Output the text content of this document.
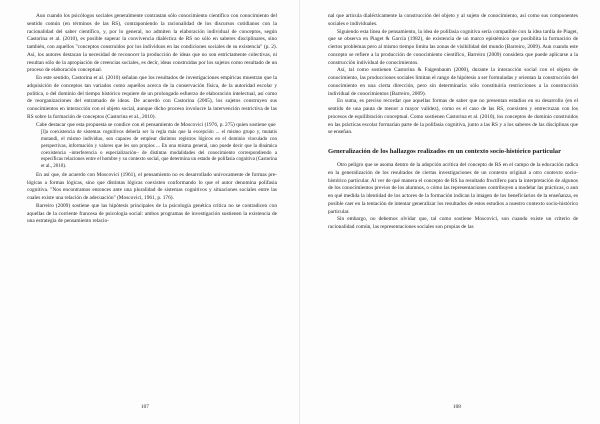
Aun cuando los psicólogos sociales generalmente contrastan sólo conocimiento científico con conocimiento del sentido común (en términos de las RS), contraponiendo la racionalidad de los discursos cotidianos con la racionalidad del saber científico, y, por lo general, no admiten la elaboración individual de conceptos, según Castorina et al. (2010), es posible superar la convivencia dialéctica de RS no sólo en saberes disciplinares, sino también, con aquellos "conceptos construidos por los individuos en las condiciones sociales de su existencia" (p. 2). Así, los autores destacan la necesidad de reconocer la producción de ideas que no son estrictamente colectivas, ni resultan sólo de la apropiación de creencias sociales, es decir, ideas construidas por los sujetos como resultado de un proceso de elaboración conceptual.

En este sentido, Castorina et al. (2010) señalan que los resultados de investigaciones empíricas muestran que la adquisición de conceptos tan variados como aquellos acerca de la conservación física, de la autoridad escolar y política, o del dominio del tiempo histórico requiere de un prolongado esfuerzo de elaboración intelectual, así como de reorganizaciones del entramado de ideas. De acuerdo con Castorina (2005), los sujetos construyen sus conocimientos en interacción con el objeto social, aunque dicho proceso involucre la intervención restrictiva de las RS sobre la formación de conceptos (Castorina et al., 2010).

Cabe destacar que esta propuesta se condice con el pensamiento de Moscovici (1976, p. 275) quien sostiene que

[l]a coexistencia de sistemas cognitivos debería ser la regla más que la excepción ... el mismo grupo y, mutatis mutandi, el mismo individuo, son capaces de emplear distintos registros lógicos en el dominio vinculado con perspectivas, información y valores que les son propios ... En una misma general, uno puede decir que la dinámica coexistencia –interferencia o especialización– de distintas modalidades del conocimiento correspondiendo a específicas relaciones entre el hombre y su contexto social, que determina un estado de polifasia cognitiva (Castorina et al., 2010).

En así que, de acuerdo con Moscovici (1961), el pensamiento no es desarrollado unívocamente de formas pre-lógicas a formas lógicas, sino que distintas lógicas coexisten conformando lo que el autor denomina polifasia cognitiva. "Nos encontramos entonces ante una pluralidad de sistemas cognitivos y situaciones sociales entre las cuales existe una relación de adecuación" (Moscovici, 1961, p. 176).

Barreiro (2009) sostiene que las hipótesis principales de la psicología genética crítica no se contradicen con aquellas de la corriente francesa de psicología social: ambos programas de investigación sostienen la existencia de una estrategia de pensamiento relacio-

107

nal que articula dialécticamente la construcción del objeto y al sujeto de conocimiento, así como sus componentes sociales e individuales.

Siguiendo esta línea de pensamiento, la idea de polifasia cognitiva sería compatible con la idea tardía de Piaget, que se observa en Piaget & García (1982), de existencia de un marco epistémico que posibilita la formación de ciertos problemas pero al mismo tiempo limita las zonas de visibilidad del mundo (Barreiro, 2009). Aun cuando este concepto se refiere a la producción de conocimiento científico, Barreiro (2009) considera que puede aplicarse a la construcción individual de conocimientos.

Así, tal como sostienen Castorina & Faigenbaum (2000), durante la interacción social con el objeto de conocimiento, las producciones sociales limitan el rango de hipótesis a ser formuladas y orientan la construcción del conocimiento en una cierta dirección, pero sin determinarla: sólo constituiría restricciones a la construcción individual de conocimientos (Barreiro, 2009).

En suma, es preciso recordar que aquellas formas de saber que no presentan estadios en su desarrollo (en el sentido de una pauta de menor a mayor validez), como es el caso de las RS, coexisten y entrecruzan con los procesos de equilibración conceptual. Como sostienen Castorina et al. (2010), los conceptos de dominio construidos en las prácticas escolar formarían parte de la polifasia cognitiva, junto a las RS y a los saberes de las disciplinas que se enseñan.

Generalización de los hallazgos realizados en un contexto socio-histórico particular

Otro peligro que se asoma dentro de la adopción acrítica del concepto de RS en el campo de la educación radica en la generalización de los resultados de ciertas investigaciones de un contexto original a otro contexto socio-histórico particular. Al ver de qué manera el concepto de RS ha resultado fructífero para la interpretación de algunos de los conocimientos previos de los alumnos, o cómo las representaciones contribuyen a modelar las prácticas, o aun en qué medida la identidad de los actores de la formación indican la imagen de los beneficiarios de la enseñanza, es posible caer en la tentación de intentar generalizar los resultados de estos estudios a nuestro contexto socio-histórico particular.

Sin embargo, no debemos olvidar que, tal como sostiene Moscovici, son cuando existe un criterio de racionalidad común, las representaciones sociales son propias de las

108
